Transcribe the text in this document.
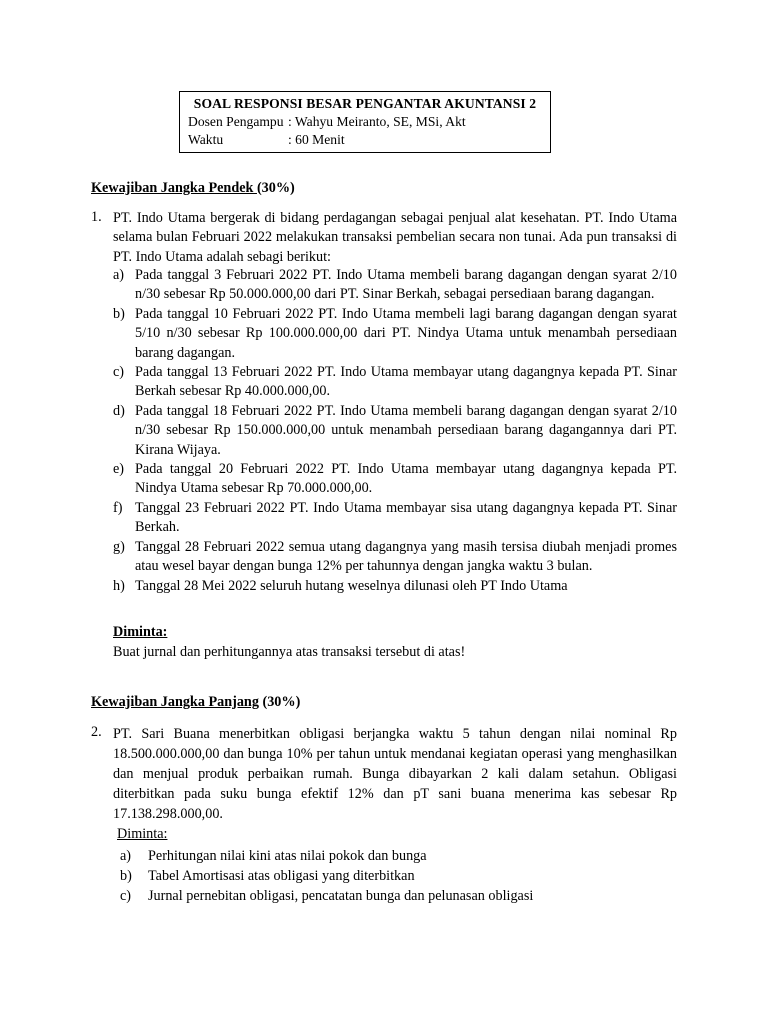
SOAL RESPONSI BESAR PENGANTAR AKUNTANSI 2
Dosen Pengampu : Wahyu Meiranto, SE, MSi, Akt
Waktu	: 60 Menit
Kewajiban Jangka Pendek (30%)
1. PT. Indo Utama bergerak di bidang perdagangan sebagai penjual alat kesehatan. PT. Indo Utama selama bulan Februari 2022 melakukan transaksi pembelian secara non tunai. Ada pun transaksi di PT. Indo Utama adalah sebagi berikut:
a) Pada tanggal 3 Februari 2022 PT. Indo Utama membeli barang dagangan dengan syarat 2/10 n/30 sebesar Rp 50.000.000,00 dari PT. Sinar Berkah, sebagai persediaan barang dagangan.
b) Pada tanggal 10 Februari 2022 PT. Indo Utama membeli lagi barang dagangan dengan syarat 5/10 n/30 sebesar Rp 100.000.000,00 dari PT. Nindya Utama untuk menambah persediaan barang dagangan.
c) Pada tanggal 13 Februari 2022 PT. Indo Utama membayar utang dagangnya kepada PT. Sinar Berkah sebesar Rp 40.000.000,00.
d) Pada tanggal 18 Februari 2022 PT. Indo Utama membeli barang dagangan dengan syarat 2/10 n/30 sebesar Rp 150.000.000,00 untuk menambah persediaan barang dagangannya dari PT. Kirana Wijaya.
e) Pada tanggal 20 Februari 2022 PT. Indo Utama membayar utang dagangnya kepada PT. Nindya Utama sebesar Rp 70.000.000,00.
f) Tanggal 23 Februari 2022 PT. Indo Utama membayar sisa utang dagangnya kepada PT. Sinar Berkah.
g) Tanggal 28 Februari 2022 semua utang dagangnya yang masih tersisa diubah menjadi promes atau wesel bayar dengan bunga 12% per tahunnya dengan jangka waktu 3 bulan.
h) Tanggal 28 Mei 2022 seluruh hutang weselnya dilunasi oleh PT Indo Utama
Diminta:
Buat jurnal dan perhitungannya atas transaksi tersebut di atas!
Kewajiban Jangka Panjang (30%)
2. PT. Sari Buana menerbitkan obligasi berjangka waktu 5 tahun dengan nilai nominal Rp 18.500.000.000,00 dan bunga 10% per tahun untuk mendanai kegiatan operasi yang menghasilkan dan menjual produk perbaikan rumah. Bunga dibayarkan 2 kali dalam setahun. Obligasi diterbitkan pada suku bunga efektif 12% dan pT sani buana menerima kas sebesar Rp 17.138.298.000,00.
Diminta:
a)	Perhitungan nilai kini atas nilai pokok dan bunga
b)	Tabel Amortisasi atas obligasi yang diterbitkan
c)	Jurnal pernebitan obligasi, pencatatan bunga dan pelunasan obligasi
